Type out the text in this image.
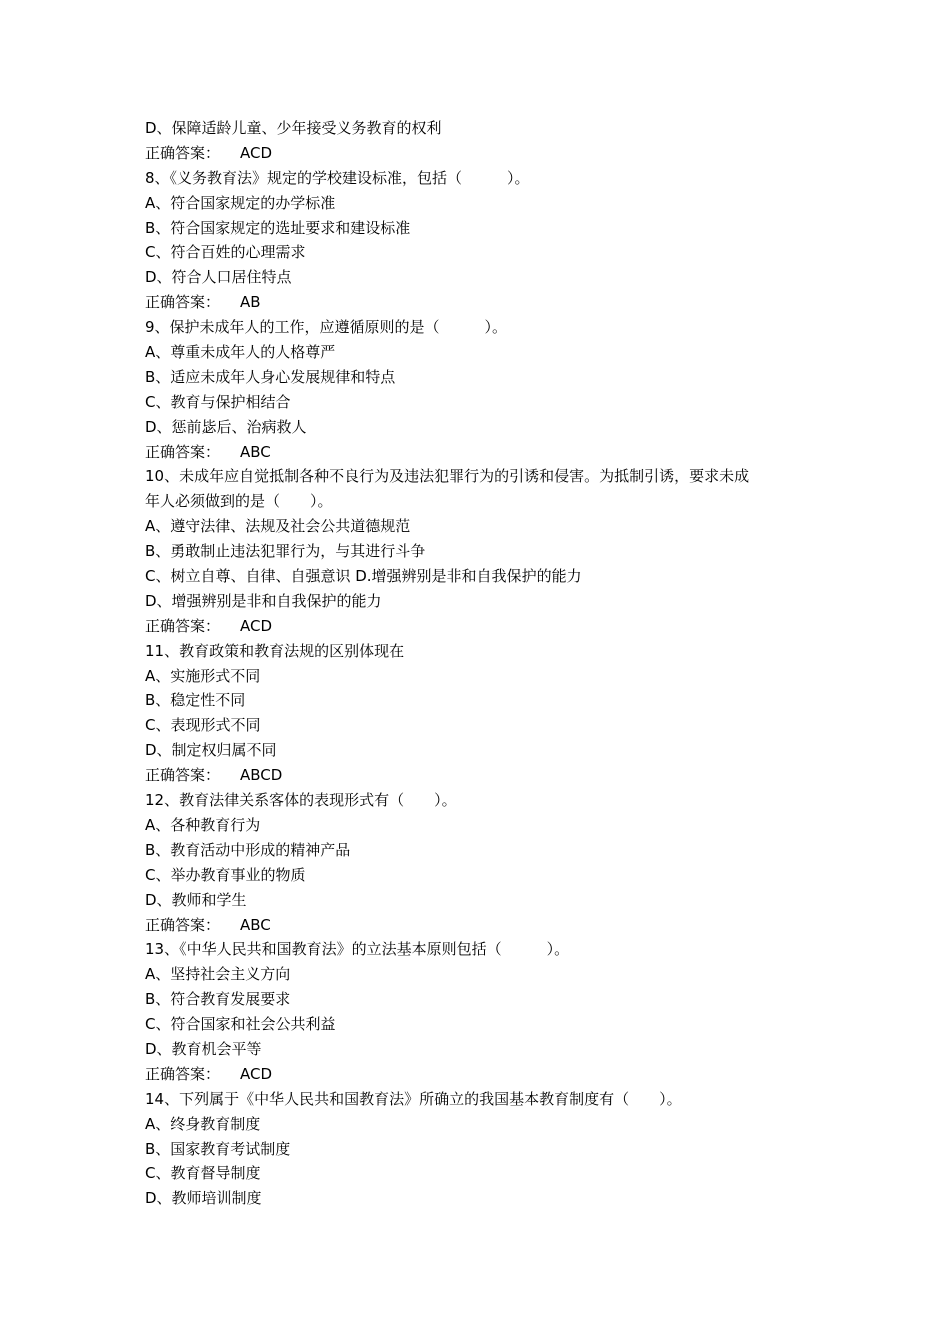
D、保障适龄儿童、少年接受义务教育的权利

正确答案： ACD

8、《义务教育法》规定的学校建设标准，包括（　　　）。

A、符合国家规定的办学标准

B、符合国家规定的选址要求和建设标准

C、符合百姓的心理需求

D、符合人口居住特点

正确答案： AB

9、保护未成年人的工作，应遵循原则的是（　　　）。

A、尊重未成年人的人格尊严

B、适应未成年人身心发展规律和特点

C、教育与保护相结合

D、惩前毖后、治病救人

正确答案： ABC

10、未成年应自觉抵制各种不良行为及违法犯罪行为的引诱和侵害。为抵制引诱，要求未成

年人必须做到的是（　　）。

A、遵守法律、法规及社会公共道德规范

B、勇敢制止违法犯罪行为，与其进行斗争

C、树立自尊、自律、自强意识 D.增强辨别是非和自我保护的能力

D、增强辨别是非和自我保护的能力

正确答案： ACD

11、教育政策和教育法规的区别体现在

A、实施形式不同

B、稳定性不同

C、表现形式不同

D、制定权归属不同

正确答案： ABCD

12、教育法律关系客体的表现形式有（　　）。

A、各种教育行为

B、教育活动中形成的精神产品

C、举办教育事业的物质

D、教师和学生

正确答案： ABC

13、《中华人民共和国教育法》的立法基本原则包括（　　　）。

A、坚持社会主义方向

B、符合教育发展要求

C、符合国家和社会公共利益

D、教育机会平等

正确答案： ACD

14、下列属于《中华人民共和国教育法》所确立的我国基本教育制度有（　　）。

A、终身教育制度

B、国家教育考试制度

C、教育督导制度

D、教师培训制度
